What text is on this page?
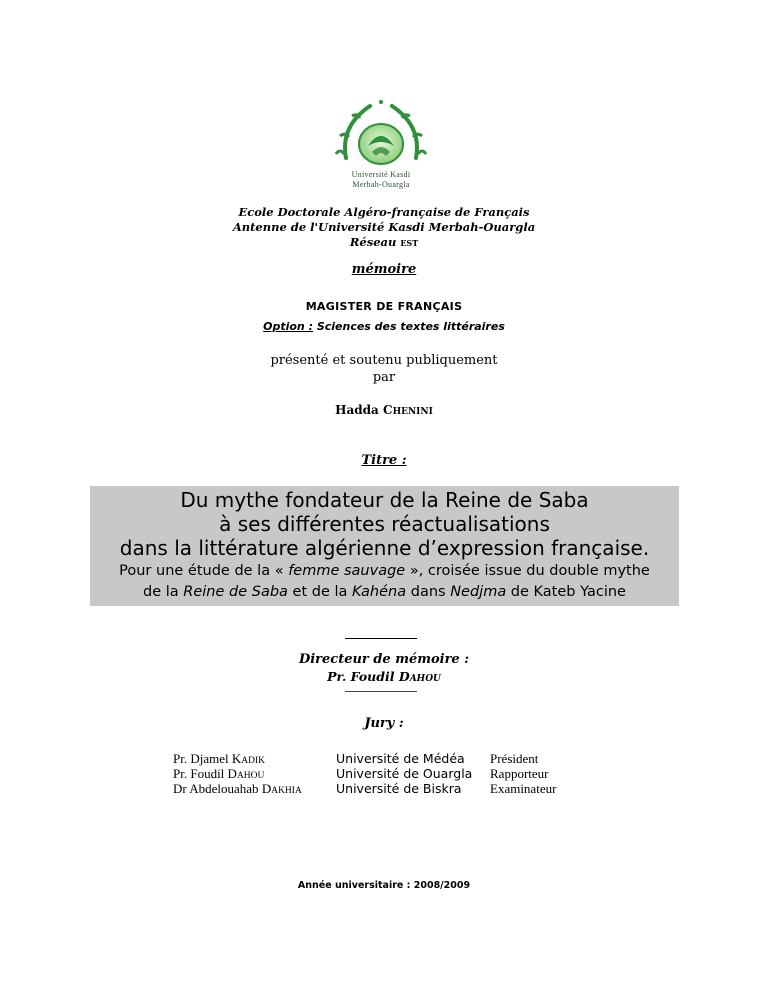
Université Kasdi
Merbah-Ouargla
Ecole Doctorale Algéro-française de Français
Antenne de l'Université Kasdi Merbah-Ouargla
Réseau EST
mémoire
MAGISTER DE FRANÇAIS
Option : Sciences des textes littéraires
présenté et soutenu publiquement
par
Hadda CHENINI
Titre :
Du mythe fondateur de la Reine de Saba
à ses différentes réactualisations
dans la littérature algérienne d’expression française.
Pour une étude de la « femme sauvage », croisée issue du double mythe
de la Reine de Saba et de la Kahéna dans Nedjma de Kateb Yacine
Directeur de mémoire :
Pr. Foudil DAHOU
Jury :
Pr. Djamel KADIK	Université de Médéa Président
Pr. Foudil DAHOU	Université de Ouargla Rapporteur
Dr Abdelouahab DAKHIA	Université de Biskra Examinateur
Année universitaire : 2008/2009
